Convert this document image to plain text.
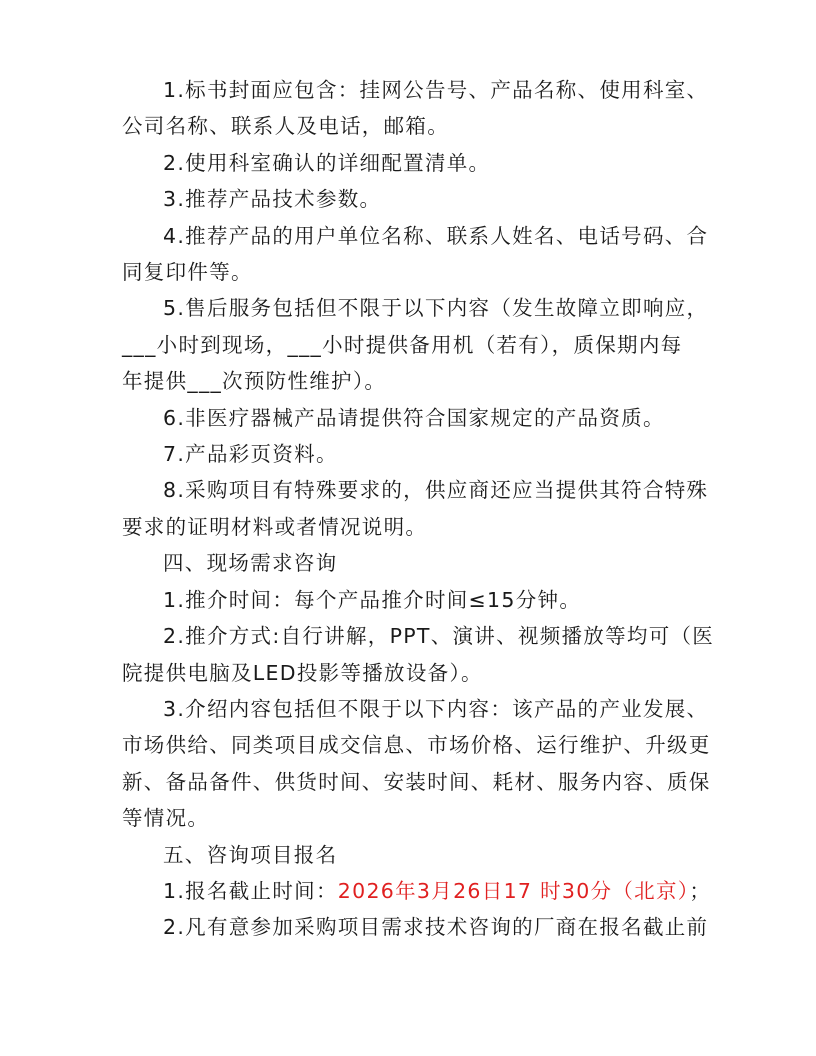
1.标书封面应包含：挂网公告号、产品名称、使用科室、

公司名称、联系人及电话，邮箱。

2.使用科室确认的详细配置清单。

3.推荐产品技术参数。

4.推荐产品的用户单位名称、联系人姓名、电话号码、合

同复印件等。

5.售后服务包括但不限于以下内容（发生故障立即响应，

___小时到现场，___小时提供备用机（若有），质保期内每

年提供___次预防性维护）。

6.非医疗器械产品请提供符合国家规定的产品资质。

7.产品彩页资料。

8.采购项目有特殊要求的，供应商还应当提供其符合特殊

要求的证明材料或者情况说明。

四、现场需求咨询

1.推介时间：每个产品推介时间≤15分钟。

2.推介方式:自行讲解，PPT、演讲、视频播放等均可（医

院提供电脑及LED投影等播放设备）。

3.介绍内容包括但不限于以下内容：该产品的产业发展、

市场供给、同类项目成交信息、市场价格、运行维护、升级更

新、备品备件、供货时间、安装时间、耗材、服务内容、质保

等情况。

五、咨询项目报名

1.报名截止时间：2026年3月26日17 时30分（北京）；

2.凡有意参加采购项目需求技术咨询的厂商在报名截止前
